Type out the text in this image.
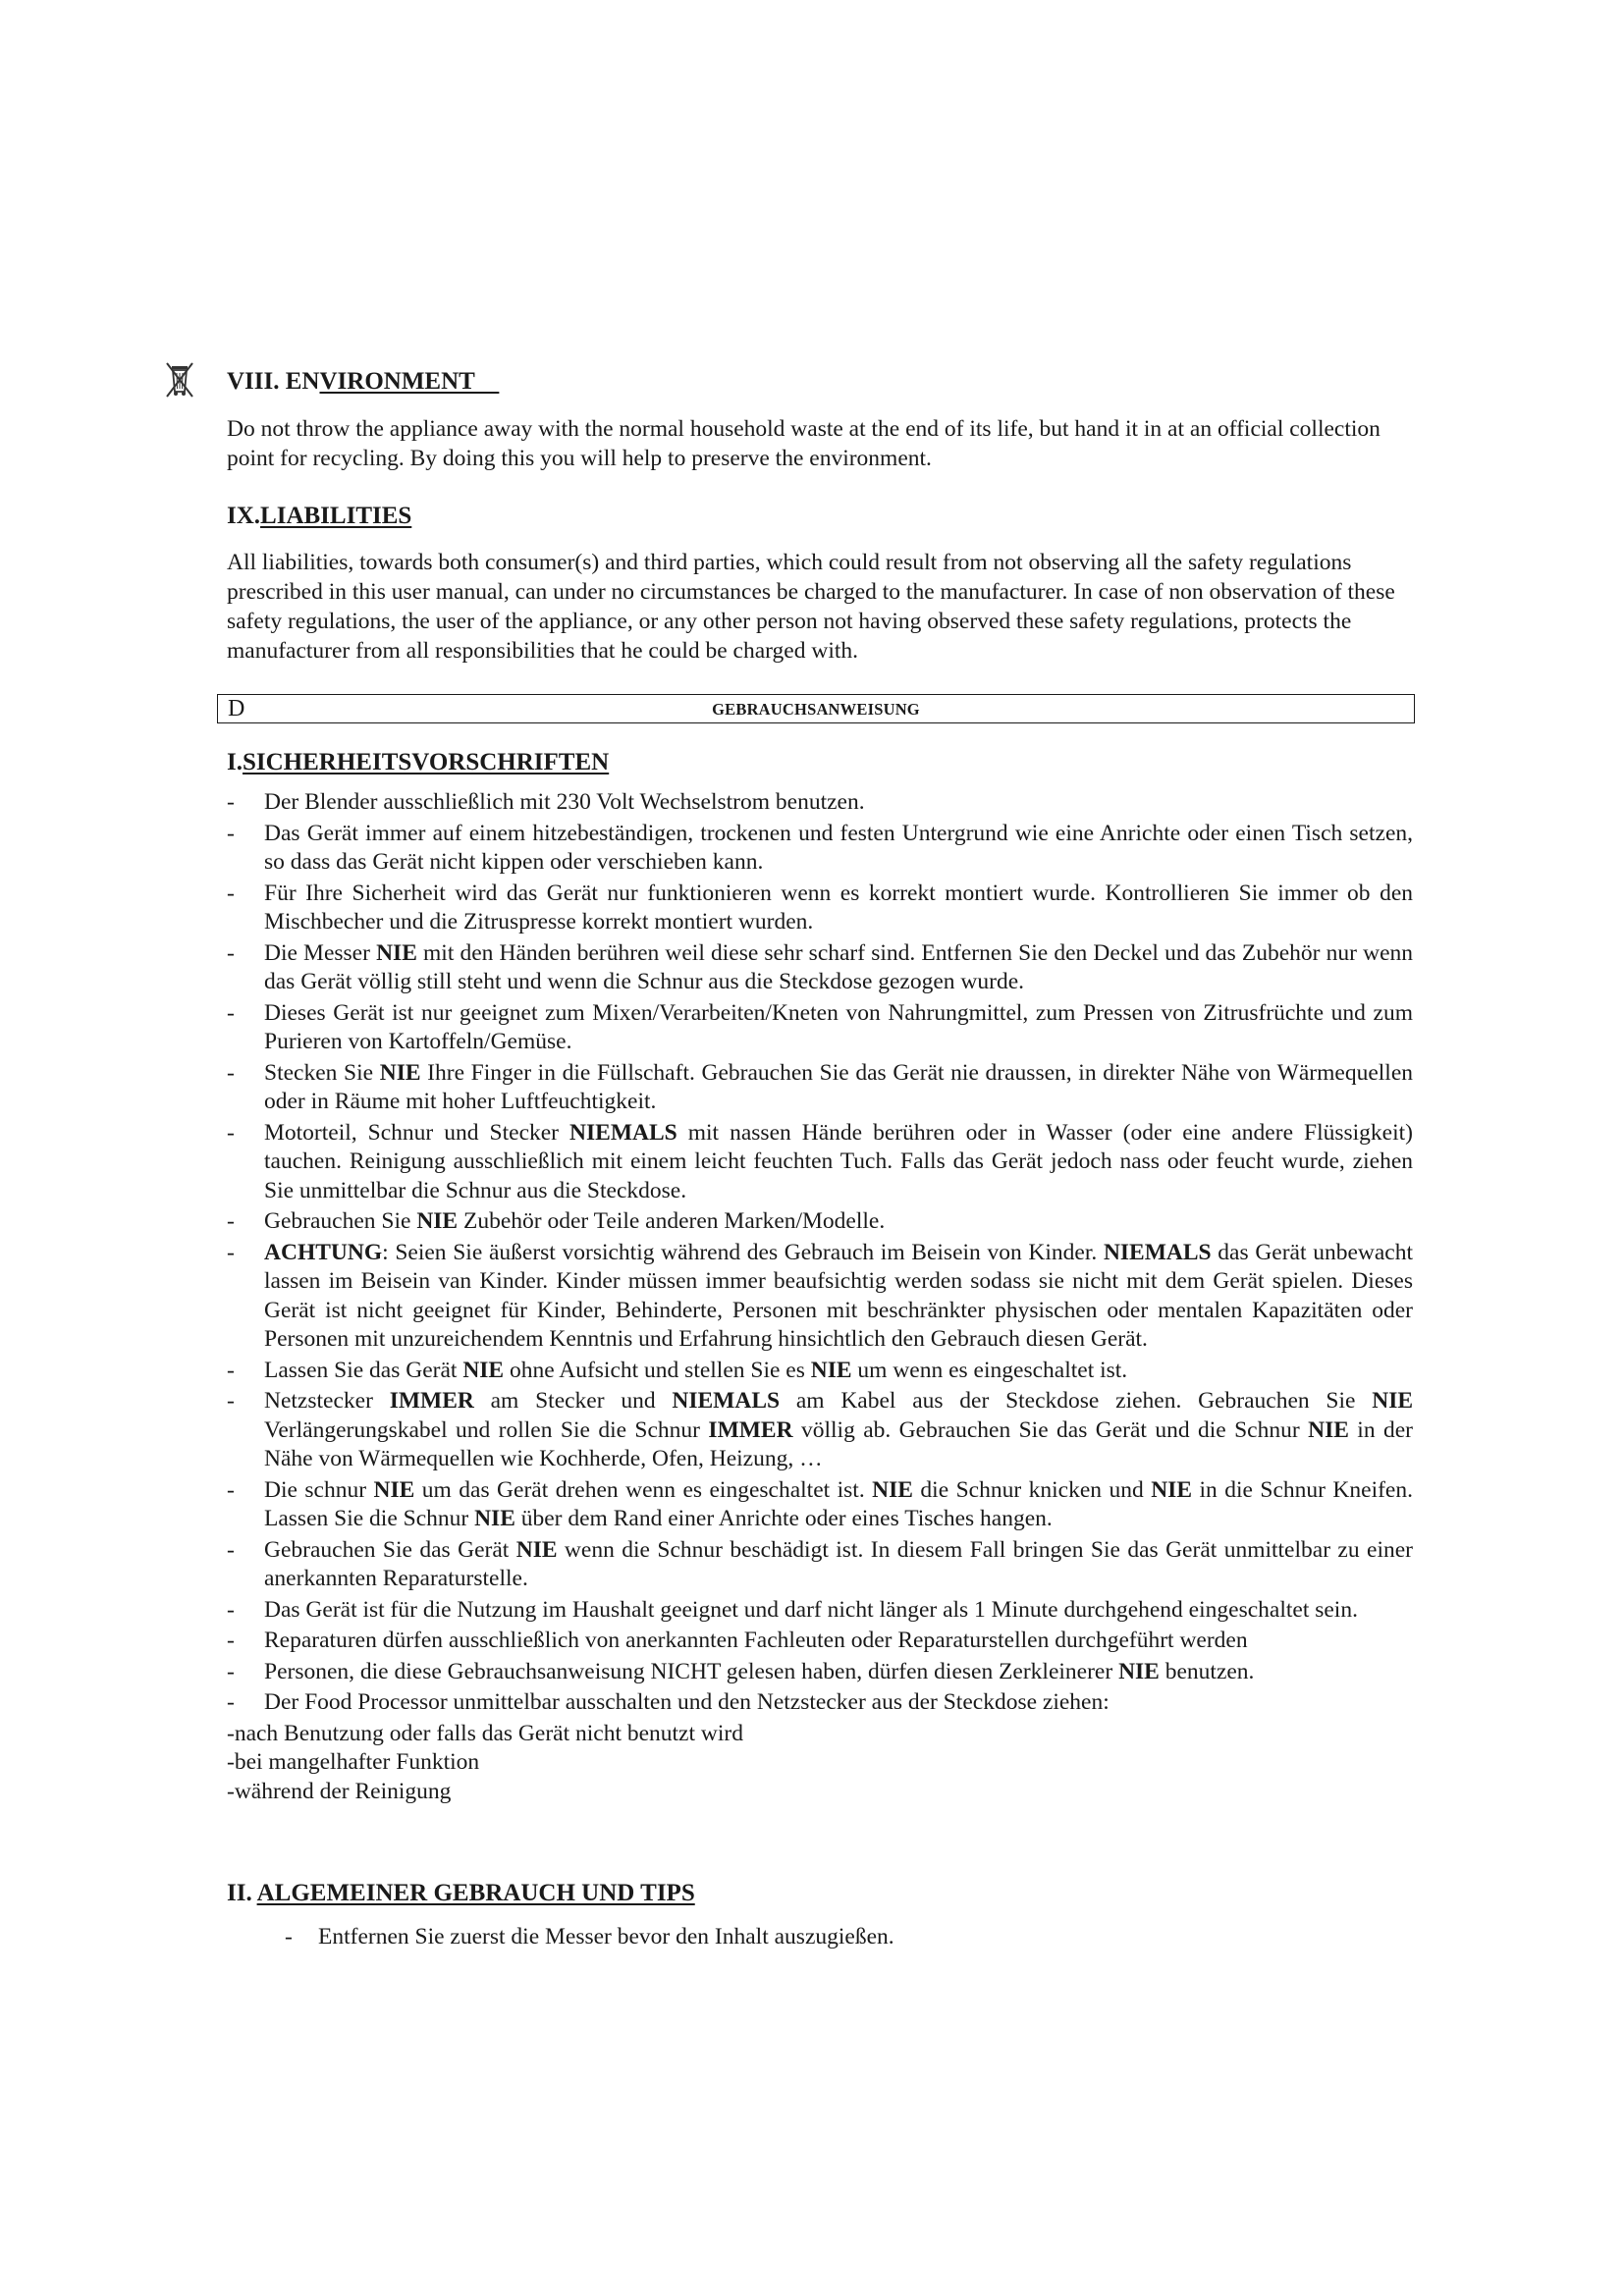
VIII. ENVIRONMENT

Do not throw the appliance away with the normal household waste at the end of its life, but hand it in at an official collection point for recycling. By doing this you will help to preserve the environment.

IX.LIABILITIES

All liabilities, towards both consumer(s) and third parties, which could result from not observing all the safety regulations prescribed in this user manual, can under no circumstances be charged to the manufacturer. In case of non observation of these safety regulations, the user of the appliance, or any other person not having observed these safety regulations, protects the manufacturer from all responsibilities that he could be charged with.

D	GEBRAUCHSANWEISUNG
I.SICHERHEITSVORSCHRIFTEN
- Der Blender ausschließlich mit 230 Volt Wechselstrom benutzen.
- Das Gerät immer auf einem hitzebeständigen, trockenen und festen Untergrund wie eine Anrichte oder einen Tisch setzen, so dass das Gerät nicht kippen oder verschieben kann.
- Für Ihre Sicherheit wird das Gerät nur funktionieren wenn es korrekt montiert wurde. Kontrollieren Sie immer ob den Mischbecher und die Zitruspresse korrekt montiert wurden.
- Die Messer NIE mit den Händen berühren weil diese sehr scharf sind. Entfernen Sie den Deckel und das Zubehör nur wenn das Gerät völlig still steht und wenn die Schnur aus die Steckdose gezogen wurde.
- Dieses Gerät ist nur geeignet zum Mixen/Verarbeiten/Kneten von Nahrungmittel, zum Pressen von Zitrusfrüchte und zum Purieren von Kartoffeln/Gemüse.
- Stecken Sie NIE Ihre Finger in die Füllschaft. Gebrauchen Sie das Gerät nie draussen, in direkter Nähe von Wärmequellen oder in Räume mit hoher Luftfeuchtigkeit.
- Motorteil, Schnur und Stecker NIEMALS mit nassen Hände berühren oder in Wasser (oder eine andere Flüssigkeit) tauchen. Reinigung ausschließlich mit einem leicht feuchten Tuch. Falls das Gerät jedoch nass oder feucht wurde, ziehen Sie unmittelbar die Schnur aus die Steckdose.
- Gebrauchen Sie NIE Zubehör oder Teile anderen Marken/Modelle.
- ACHTUNG: Seien Sie äußerst vorsichtig während des Gebrauch im Beisein von Kinder. NIEMALS das Gerät unbewacht lassen im Beisein van Kinder. Kinder müssen immer beaufsichtig werden sodass sie nicht mit dem Gerät spielen. Dieses Gerät ist nicht geeignet für Kinder, Behinderte, Personen mit beschränkter physischen oder mentalen Kapazitäten oder Personen mit unzureichendem Kenntnis und Erfahrung hinsichtlich den Gebrauch diesen Gerät.
- Lassen Sie das Gerät NIE ohne Aufsicht und stellen Sie es NIE um wenn es eingeschaltet ist.
- Netzstecker IMMER am Stecker und NIEMALS am Kabel aus der Steckdose ziehen. Gebrauchen Sie NIE Verlängerungskabel und rollen Sie die Schnur IMMER völlig ab. Gebrauchen Sie das Gerät und die Schnur NIE in der Nähe von Wärmequellen wie Kochherde, Ofen, Heizung, …
- Die schnur NIE um das Gerät drehen wenn es eingeschaltet ist. NIE die Schnur knicken und NIE in die Schnur Kneifen. Lassen Sie die Schnur NIE über dem Rand einer Anrichte oder eines Tisches hangen.
- Gebrauchen Sie das Gerät NIE wenn die Schnur beschädigt ist. In diesem Fall bringen Sie das Gerät unmittelbar zu einer anerkannten Reparaturstelle.
- Das Gerät ist für die Nutzung im Haushalt geeignet und darf nicht länger als 1 Minute durchgehend eingeschaltet sein.
- Reparaturen dürfen ausschließlich von anerkannten Fachleuten oder Reparaturstellen durchgeführt werden
- Personen, die diese Gebrauchsanweisung NICHT gelesen haben, dürfen diesen Zerkleinerer NIE benutzen.
- Der Food Processor unmittelbar ausschalten und den Netzstecker aus der Steckdose ziehen:
-nach Benutzung oder falls das Gerät nicht benutzt wird
-bei mangelhafter Funktion
-während der Reinigung
II. ALGEMEINER GEBRAUCH UND TIPS
- Entfernen Sie zuerst die Messer bevor den Inhalt auszugießen.
